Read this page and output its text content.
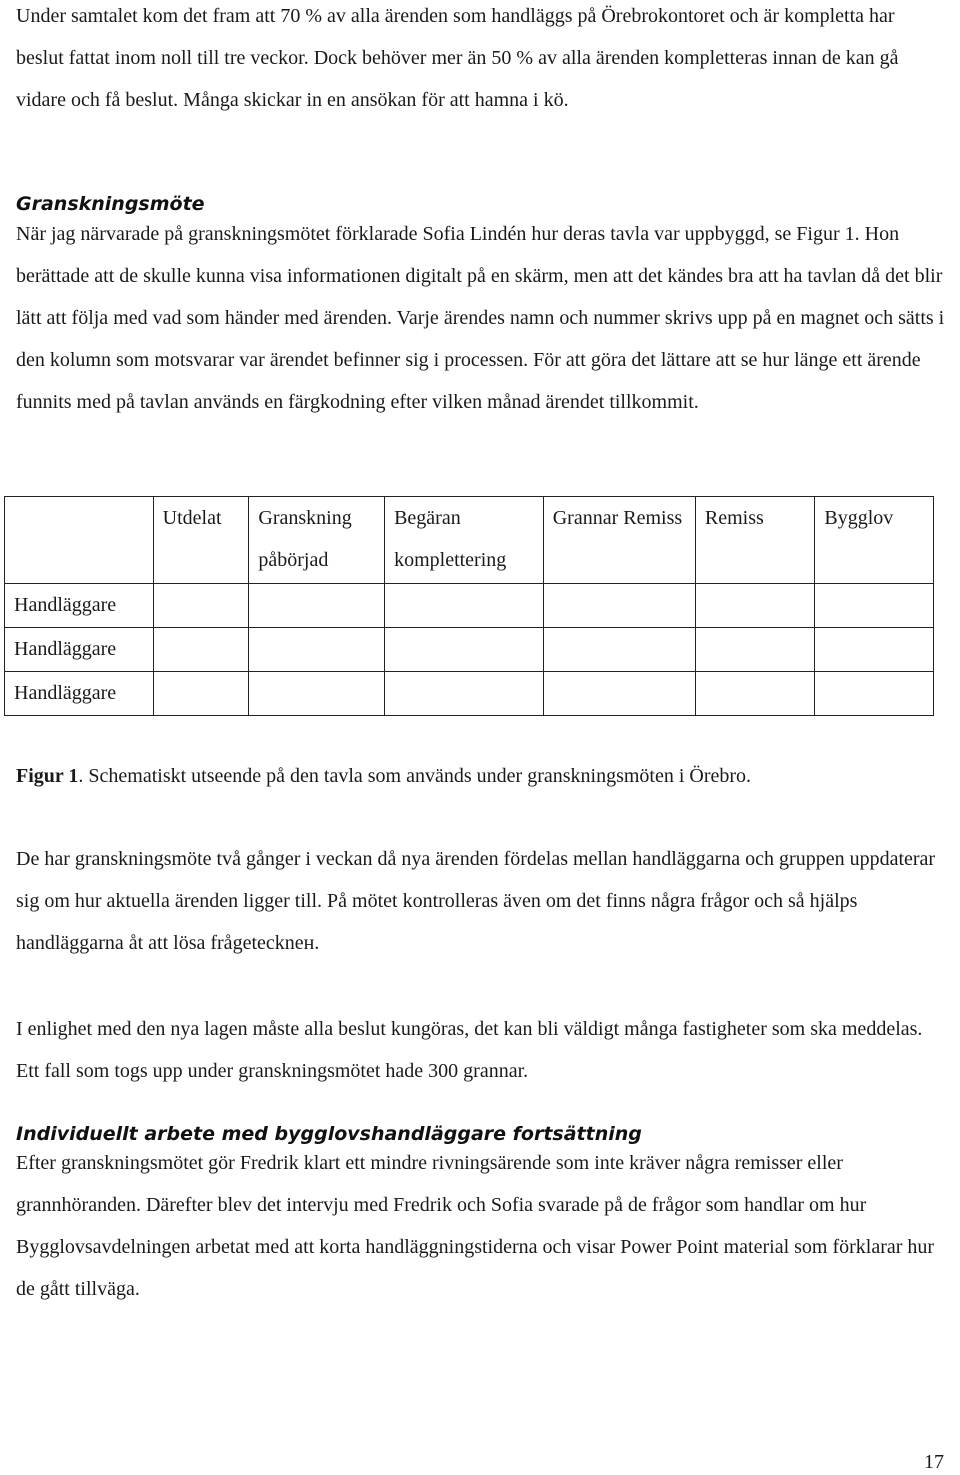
Under samtalet kom det fram att 70 % av alla ärenden som handläggs på Örebrokontoret och är kompletta har beslut fattat inom noll till tre veckor. Dock behöver mer än 50 % av alla ärenden kompletteras innan de kan gå vidare och få beslut. Många skickar in en ansökan för att hamna i kö.

Granskningsmöte

När jag närvarade på granskningsmötet förklarade Sofia Lindén hur deras tavla var uppbyggd, se Figur 1. Hon berättade att de skulle kunna visa informationen digitalt på en skärm, men att det kändes bra att ha tavlan då det blir lätt att följa med vad som händer med ärenden. Varje ärendes namn och nummer skrivs upp på en magnet och sätts i den kolumn som motsvarar var ärendet befinner sig i processen. För att göra det lättare att se hur länge ett ärende funnits med på tavlan används en färgkodning efter vilken månad ärendet tillkommit.

	Utdelat	Granskning påbörjad	Begäran komplettering	Grannar Remiss	Remiss	Bygglov
Handläggare						
Handläggare						
Handläggare						

Figur 1. Schematiskt utseende på den tavla som används under granskningsmöten i Örebro.

De har granskningsmöte två gånger i veckan då nya ärenden fördelas mellan handläggarna och gruppen uppdaterar sig om hur aktuella ärenden ligger till. På mötet kontrolleras även om det finns några frågor och så hjälps handläggarna åt att lösa frågeteckneн.

I enlighet med den nya lagen måste alla beslut kungöras, det kan bli väldigt många fastigheter som ska meddelas. Ett fall som togs upp under granskningsmötet hade 300 grannar.

Individuellt arbete med bygglovshandläggare fortsättning

Efter granskningsmötet gör Fredrik klart ett mindre rivningsärende som inte kräver några remisser eller grannhöranden. Därefter blev det intervju med Fredrik och Sofia svarade på de frågor som handlar om hur Bygglovsavdelningen arbetat med att korta handläggningstiderna och visar Power Point material som förklarar hur de gått tillväga.

17
